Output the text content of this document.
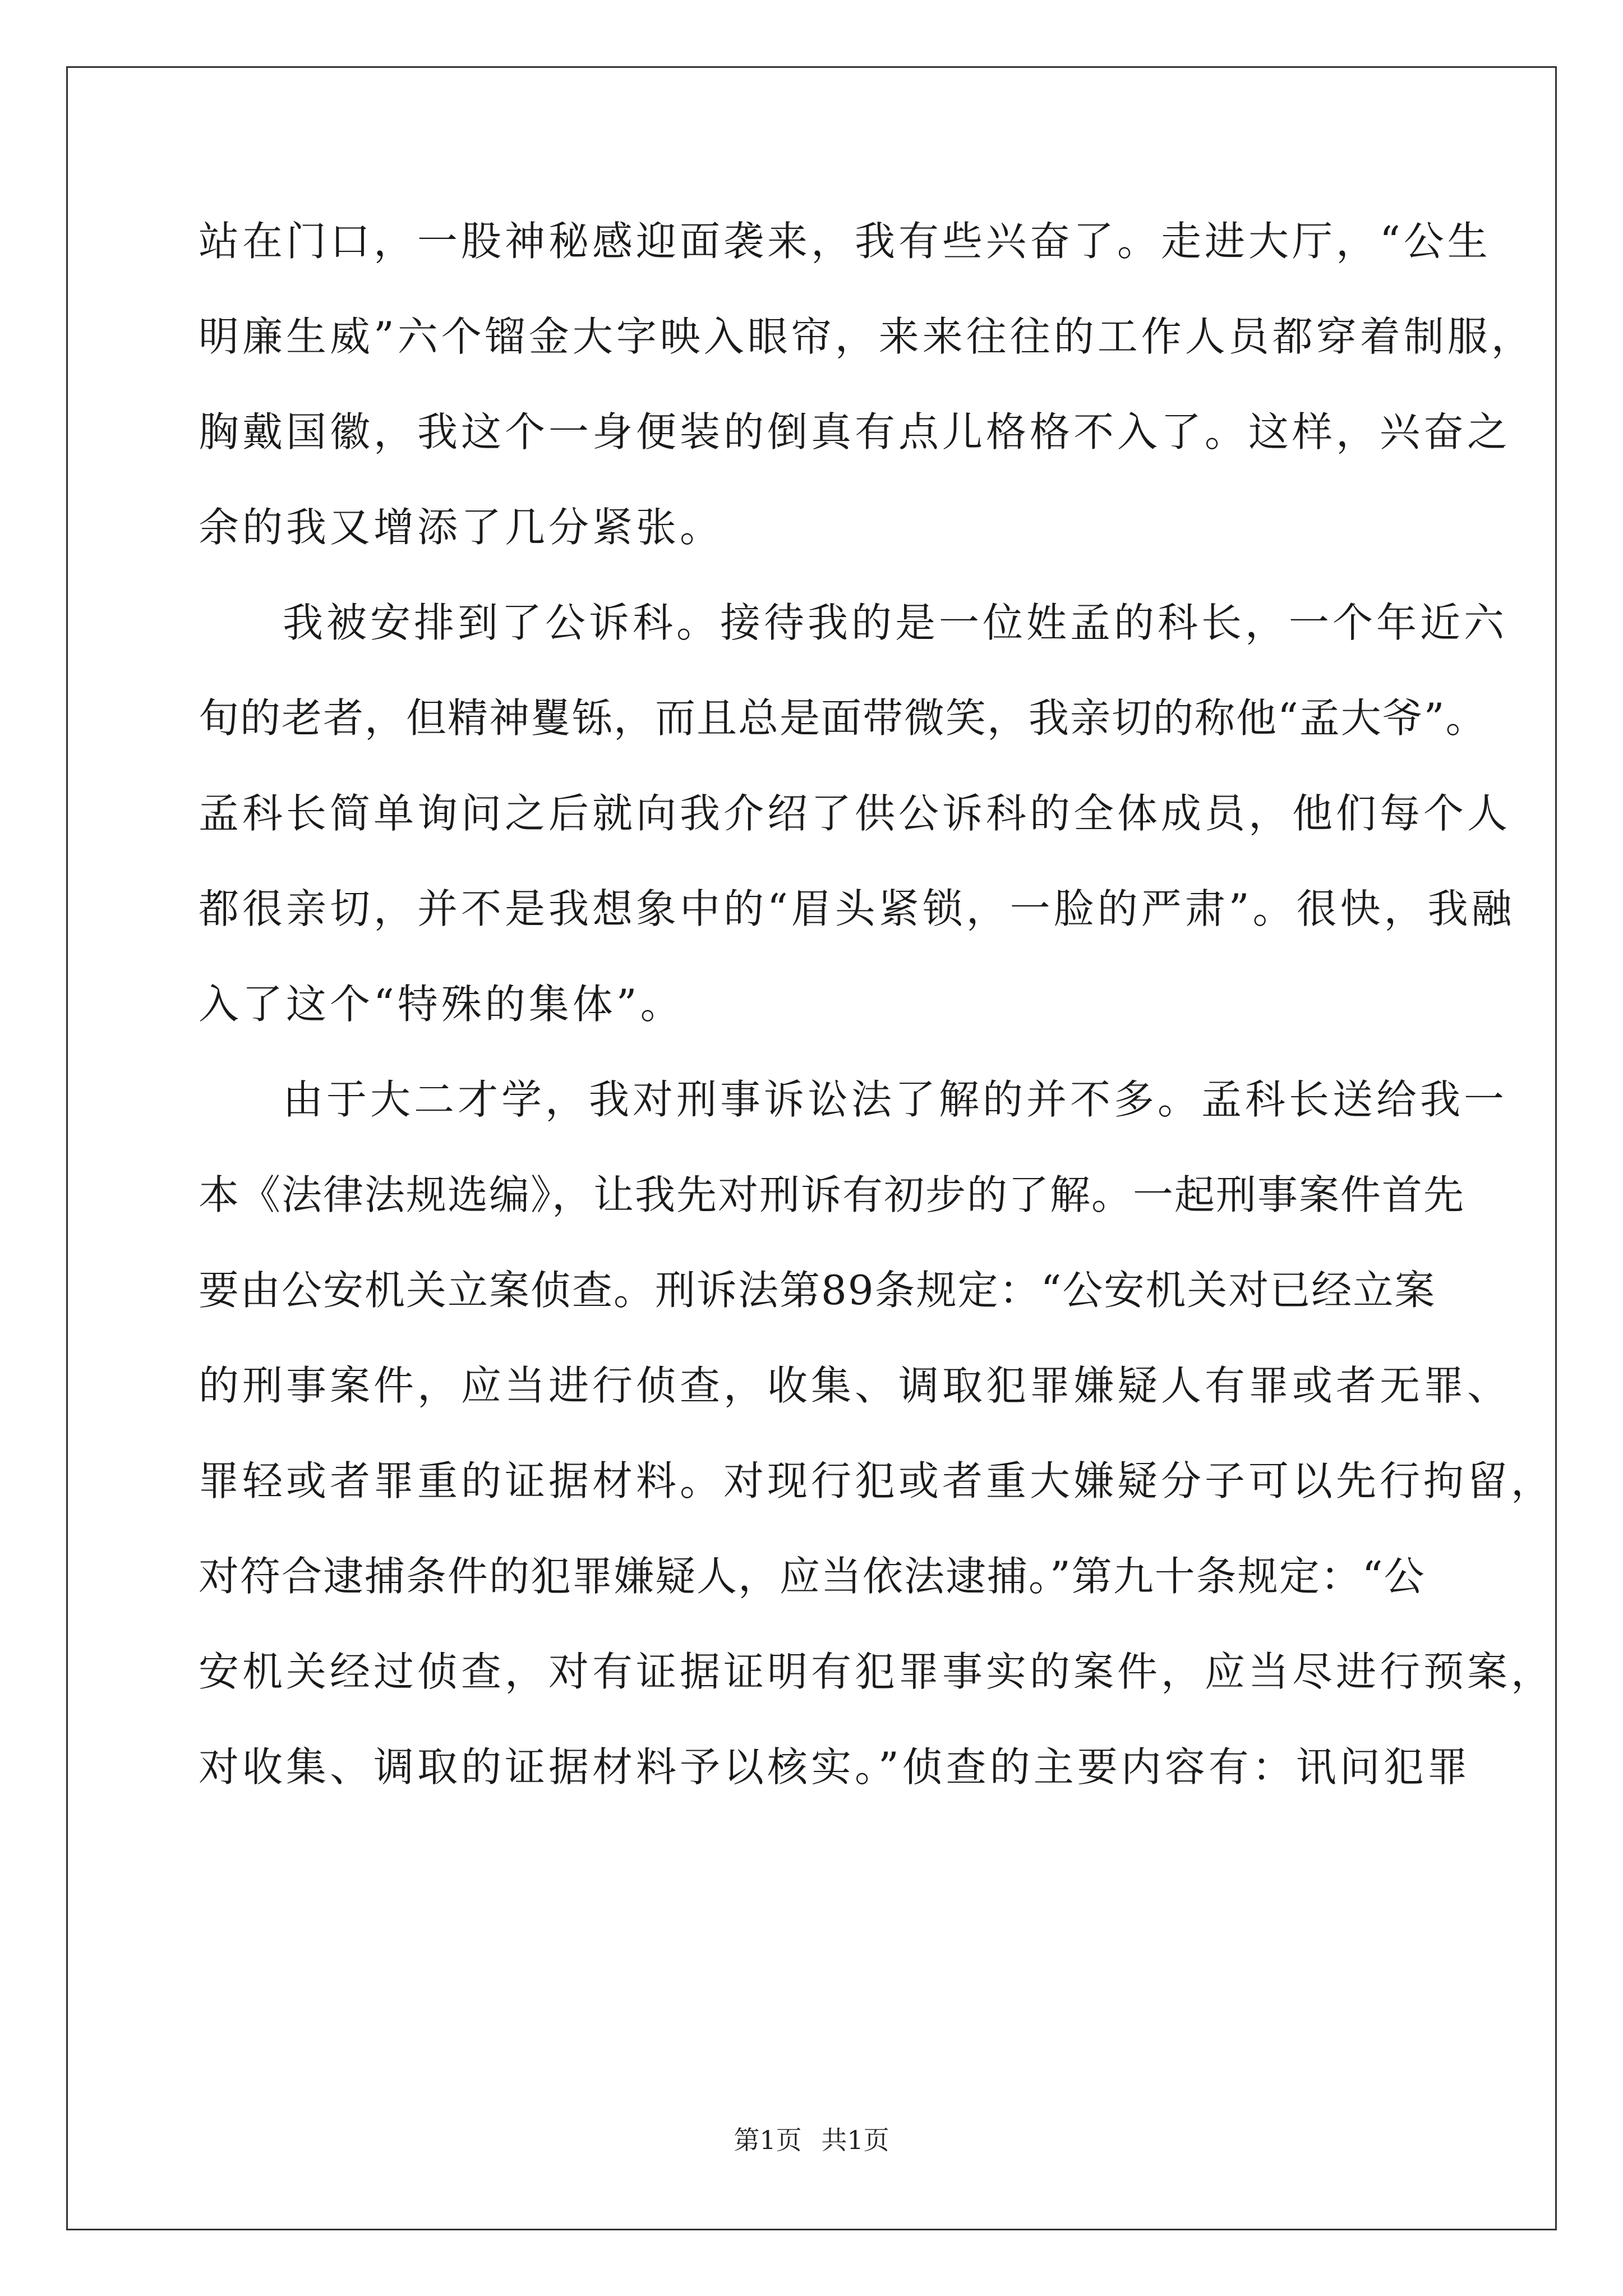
站在门口，一股神秘感迎面袭来，我有些兴奋了。走进大厅，“公生
明廉生威”六个镏金大字映入眼帘，来来往往的工作人员都穿着制服，
胸戴国徽，我这个一身便装的倒真有点儿格格不入了。这样，兴奋之
余的我又增添了几分紧张。
我被安排到了公诉科。接待我的是一位姓孟的科长，一个年近六
旬的老者，但精神矍铄，而且总是面带微笑，我亲切的称他“孟大爷”。
孟科长简单询问之后就向我介绍了供公诉科的全体成员，他们每个人
都很亲切，并不是我想象中的“眉头紧锁，一脸的严肃”。很快，我融
入了这个“特殊的集体”。
由于大二才学，我对刑事诉讼法了解的并不多。孟科长送给我一
本《法律法规选编》，让我先对刑诉有初步的了解。一起刑事案件首先
要由公安机关立案侦查。刑诉法第89条规定：“公安机关对已经立案
的刑事案件，应当进行侦查，收集、调取犯罪嫌疑人有罪或者无罪、
罪轻或者罪重的证据材料。对现行犯或者重大嫌疑分子可以先行拘留，
对符合逮捕条件的犯罪嫌疑人，应当依法逮捕。”第九十条规定：“公
安机关经过侦查，对有证据证明有犯罪事实的案件，应当尽进行预案，
对收集、调取的证据材料予以核实。”侦查的主要内容有：讯问犯罪
第1页 共1页
